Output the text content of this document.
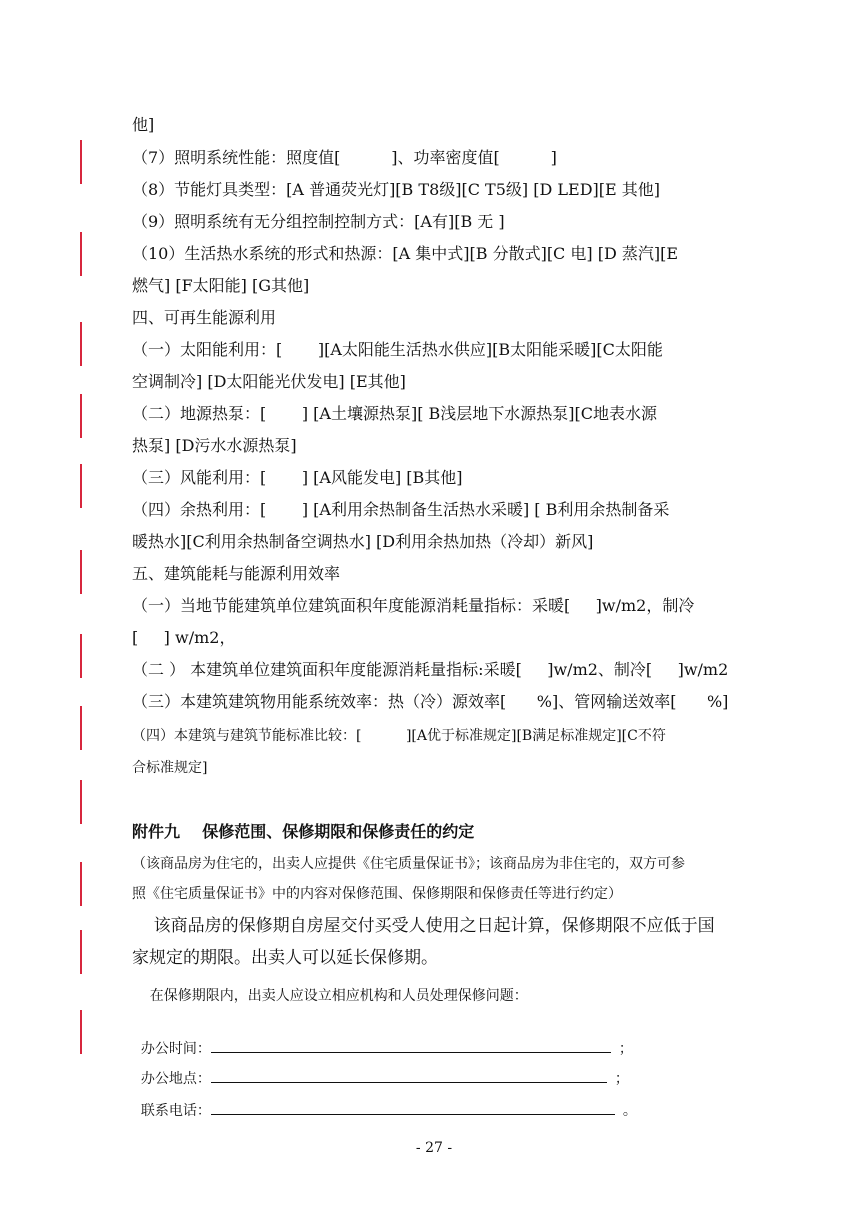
他]
（7）照明系统性能：照度值[          ]、功率密度值[          ]
（8）节能灯具类型：[A 普通荧光灯][B T8级][C T5级] [D LED][E 其他]
（9）照明系统有无分组控制控制方式：[A有][B 无 ]
（10）生活热水系统的形式和热源：[A 集中式][B 分散式][C 电] [D 蒸汽][E
燃气] [F太阳能] [G其他]
四、可再生能源利用
（一）太阳能利用：[       ][A太阳能生活热水供应][B太阳能采暖][C太阳能
空调制冷] [D太阳能光伏发电] [E其他]
（二）地源热泵：[       ] [A土壤源热泵][ B浅层地下水源热泵][C地表水源
热泵] [D污水水源热泵]
（三）风能利用：[       ] [A风能发电] [B其他]
（四）余热利用：[       ] [A利用余热制备生活热水采暖] [ B利用余热制备采
暖热水][C利用余热制备空调热水] [D利用余热加热（冷却）新风]
五、建筑能耗与能源利用效率
（一）当地节能建筑单位建筑面积年度能源消耗量指标：采暖[     ]w/m2，制冷
[     ] w/m2，
（二 ） 本建筑单位建筑面积年度能源消耗量指标:采暖[     ]w/m2、制冷[     ]w/m2
（三）本建筑建筑物用能系统效率：热（冷）源效率[      %]、管网输送效率[      %]
（四）本建筑与建筑节能标准比较：[          ][A优于标准规定][B满足标准规定][C不符
合标准规定]
附件九    保修范围、保修期限和保修责任的约定
（该商品房为住宅的，出卖人应提供《住宅质量保证书》；该商品房为非住宅的，双方可参
照《住宅质量保证书》中的内容对保修范围、保修期限和保修责任等进行约定）
该商品房的保修期自房屋交付买受人使用之日起计算，保修期限不应低于国
家规定的期限。出卖人可以延长保修期。
在保修期限内，出卖人应设立相应机构和人员处理保修问题：

办公时间：	；

办公地点：	；

联系电话：	。

- 27 -
